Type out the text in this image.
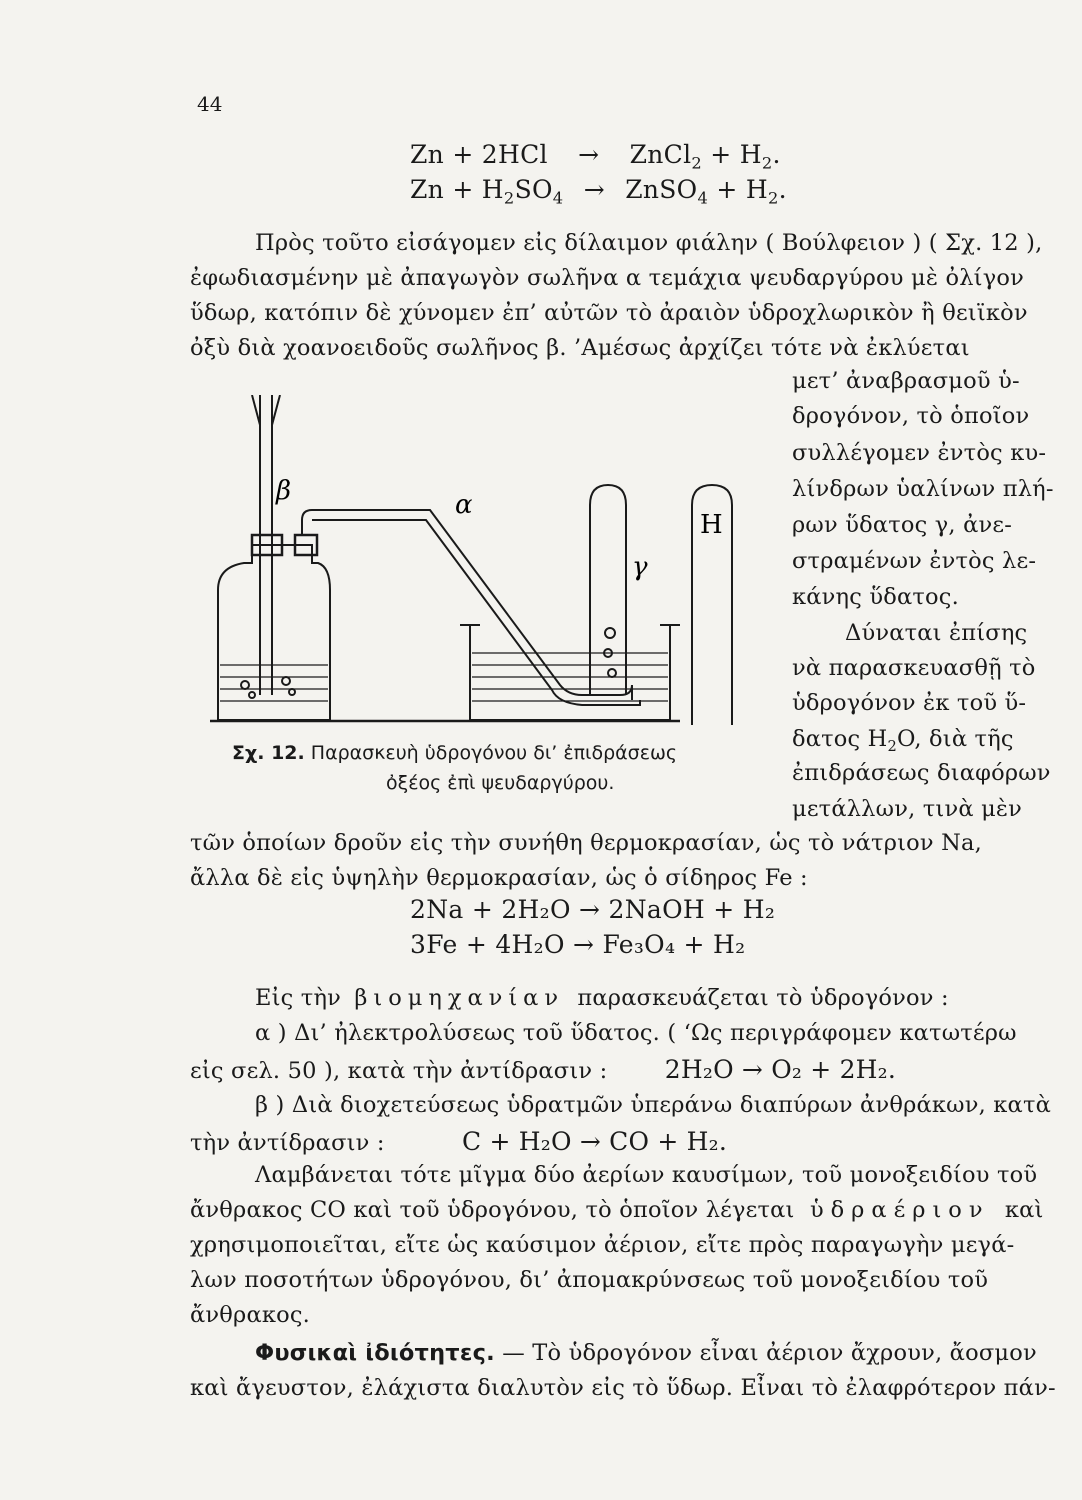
44
Zn + 2HCl → ZnCl$_2$ + $H_2$.
$Zn + H_2SO_4$ → ZnSO$_4$ + $H_2$.
Πρὸς τοῦτο εἰσάγομεν εἰς δίλαιμον φιάλην ( Βούλφειον ) ( Σχ. 12 ),
ἐφωδιασμένην μὲ ἀπαγωγὸν σωλῆνα α τεμάχια ψευδαργύρου μὲ ὀλίγον
ὕδωρ, κατόπιν δὲ χύνομεν ἐπ’ αὐτῶν τὸ ἀραιὸν ὑδροχλωρικὸν ἢ θειϊκὸν
ὀξὺ διὰ χοανοειδοῦς σωλῆνος β. ’Αμέσως ἀρχίζει τότε νὰ ἐκλύεται
μετ’ ἀναβρασμοῦ ὑ-
δρογόνον, τὸ ὁποῖον
συλλέγομεν ἐντὸς κυ-
λίνδρων ὑαλίνων πλή-
ρων ὕδατος γ, ἀνε-
στραμένων ἐντὸς λε-
κάνης ὕδατος.
Δύναται ἐπίσης
νὰ παρασκευασθῇ τὸ
ὑδρογόνον ἐκ τοῦ ὕ-
δατος $H_2O$, διὰ τῆς
ἐπιδράσεως διαφόρων
μετάλλων, τινὰ μὲν
β	α
γ
H
Σχ. 12. Παρασκευὴ ὑδρογόνου δι’ ἐπιδράσεως
ὀξέος ἐπὶ ψευδαργύρου.
τῶν ὁποίων δροῦν εἰς τὴν συνήθη θερμοκρασίαν, ὡς τὸ νάτριον Na,
ἄλλα δὲ εἰς ὑψηλὴν θερμοκρασίαν, ὡς ὁ σίδηρος Fe :
2Na + 2H₂O → 2NaOH + H₂
3Fe + 4H₂O → Fe₃O₄ + H₂
Εἰς τὴν βιομηχανίαν παρασκευάζεται τὸ ὑδρογόνον :
α ) Δι’ ἠλεκτρολύσεως τοῦ ὕδατος. ( ‘Ως περιγράφομεν κατωτέρω
εἰς σελ. 50 ), κατὰ τὴν ἀντίδρασιν : 2H₂O → O₂ + 2H₂.
β ) Διὰ διοχετεύσεως ὑδρατμῶν ὑπεράνω διαπύρων ἀνθράκων, κατὰ
τὴν ἀντίδρασιν :	C + H₂O → CO + H₂.
Λαμβάνεται τότε μῖγμα δύο ἀερίων καυσίμων, τοῦ μονοξειδίου τοῦ
ἄνθρακος CO καὶ τοῦ ὑδρογόνου, τὸ ὁποῖον λέγεται ὑδραέριον καὶ
χρησιμοποιεῖται, εἴτε ὡς καύσιμον ἀέριον, εἴτε πρὸς παραγωγὴν μεγά-
λων ποσοτήτων ὑδρογόνου, δι’ ἀπομακρύνσεως τοῦ μονοξειδίου τοῦ
ἄνθρακος.
Φυσικαὶ ἰδιότητες. — Τὸ ὑδρογόνον εἶναι ἀέριον ἄχρουν, ἄοσμον
καὶ ἄγευστον, ἐλάχιστα διαλυτὸν εἰς τὸ ὕδωρ. Εἶναι τὸ ἐλαφρότερον πάν-
